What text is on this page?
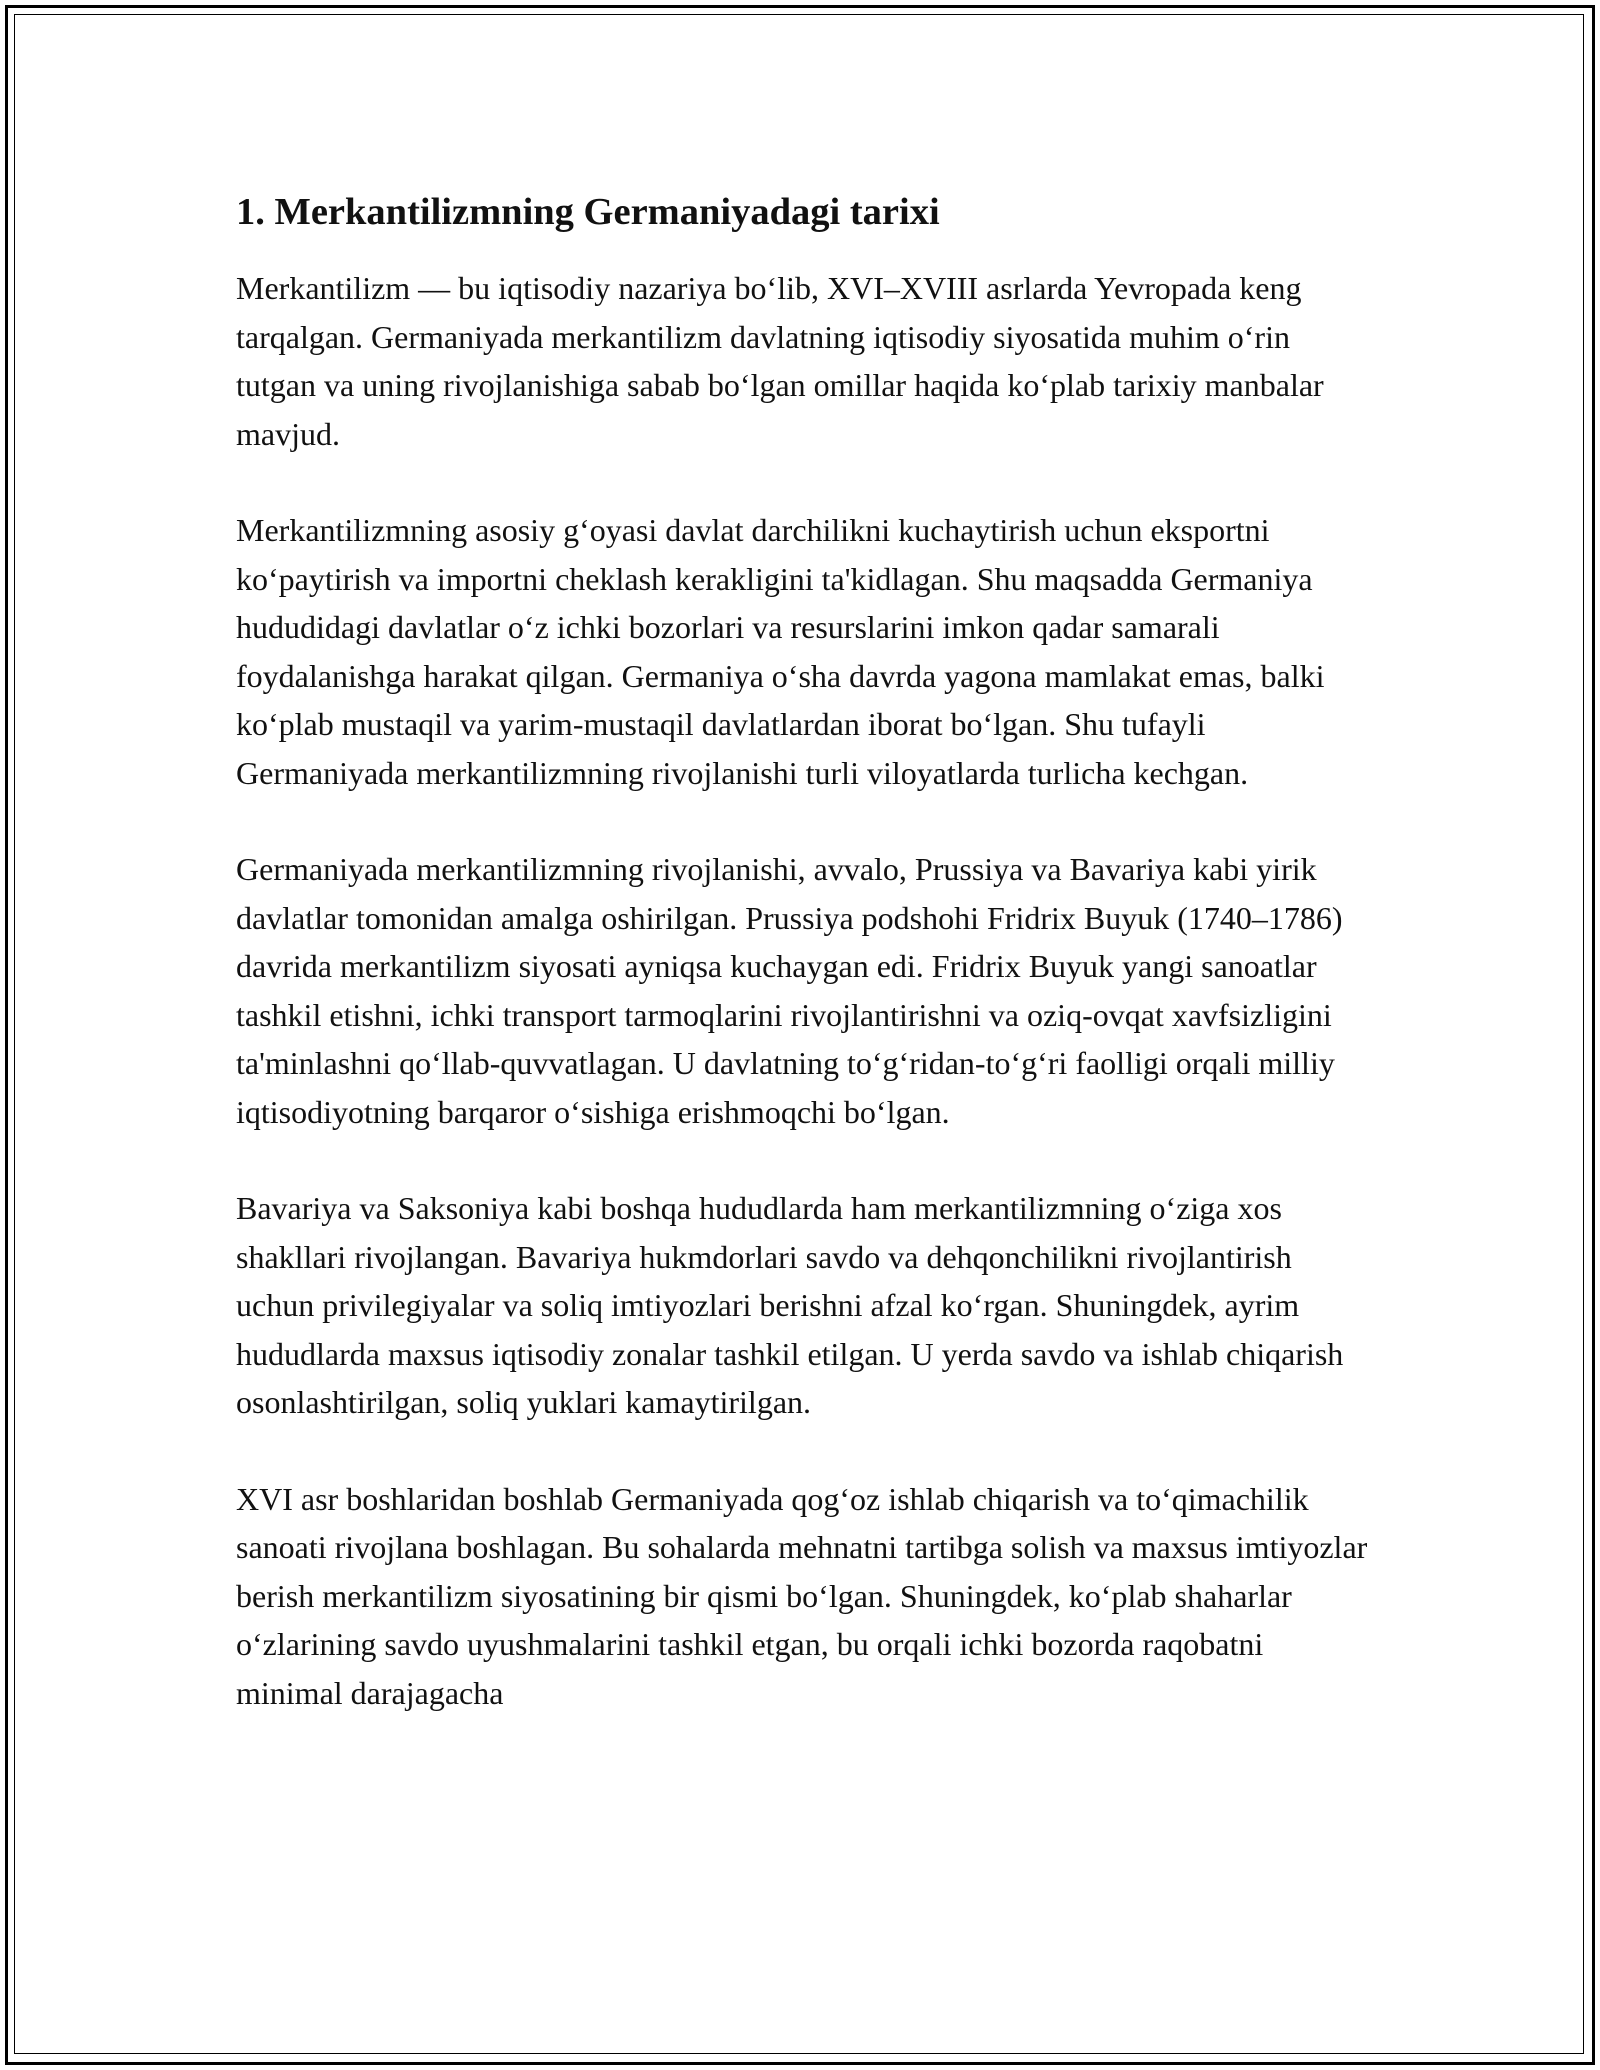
1. Merkantilizmning Germaniyadagi tarixi

Merkantilizm — bu iqtisodiy nazariya boʻlib, XVI–XVIII asrlarda Yevropada keng tarqalgan. Germaniyada merkantilizm davlatning iqtisodiy siyosatida muhim oʻrin tutgan va uning rivojlanishiga sabab boʻlgan omillar haqida koʻplab tarixiy manbalar mavjud.

Merkantilizmning asosiy gʻoyasi davlat darchilikni kuchaytirish uchun eksportni koʻpaytirish va importni cheklash kerakligini ta'kidlagan. Shu maqsadda Germaniya hududidagi davlatlar oʻz ichki bozorlari va resurslarini imkon qadar samarali foydalanishga harakat qilgan. Germaniya oʻsha davrda yagona mamlakat emas, balki koʻplab mustaqil va yarim-mustaqil davlatlardan iborat boʻlgan. Shu tufayli Germaniyada merkantilizmning rivojlanishi turli viloyatlarda turlicha kechgan.

Germaniyada merkantilizmning rivojlanishi, avvalo, Prussiya va Bavariya kabi yirik davlatlar tomonidan amalga oshirilgan. Prussiya podshohi Fridrix Buyuk (1740–1786) davrida merkantilizm siyosati ayniqsa kuchaygan edi. Fridrix Buyuk yangi sanoatlar tashkil etishni, ichki transport tarmoqlarini rivojlantirishni va oziq-ovqat xavfsizligini ta'minlashni qoʻllab-quvvatlagan. U davlatning toʻgʻridan-toʻgʻri faolligi orqali milliy iqtisodiyotning barqaror oʻsishiga erishmoqchi boʻlgan.

Bavariya va Saksoniya kabi boshqa hududlarda ham merkantilizmning oʻziga xos shakllari rivojlangan. Bavariya hukmdorlari savdo va dehqonchilikni rivojlantirish uchun privilegiyalar va soliq imtiyozlari berishni afzal koʻrgan. Shuningdek, ayrim hududlarda maxsus iqtisodiy zonalar tashkil etilgan. U yerda savdo va ishlab chiqarish osonlashtirilgan, soliq yuklari kamaytirilgan.

XVI asr boshlaridan boshlab Germaniyada qogʻoz ishlab chiqarish va toʻqimachilik sanoati rivojlana boshlagan. Bu sohalarda mehnatni tartibga solish va maxsus imtiyozlar berish merkantilizm siyosatining bir qismi boʻlgan. Shuningdek, koʻplab shaharlar oʻzlarining savdo uyushmalarini tashkil etgan, bu orqali ichki bozorda raqobatni minimal darajagacha
